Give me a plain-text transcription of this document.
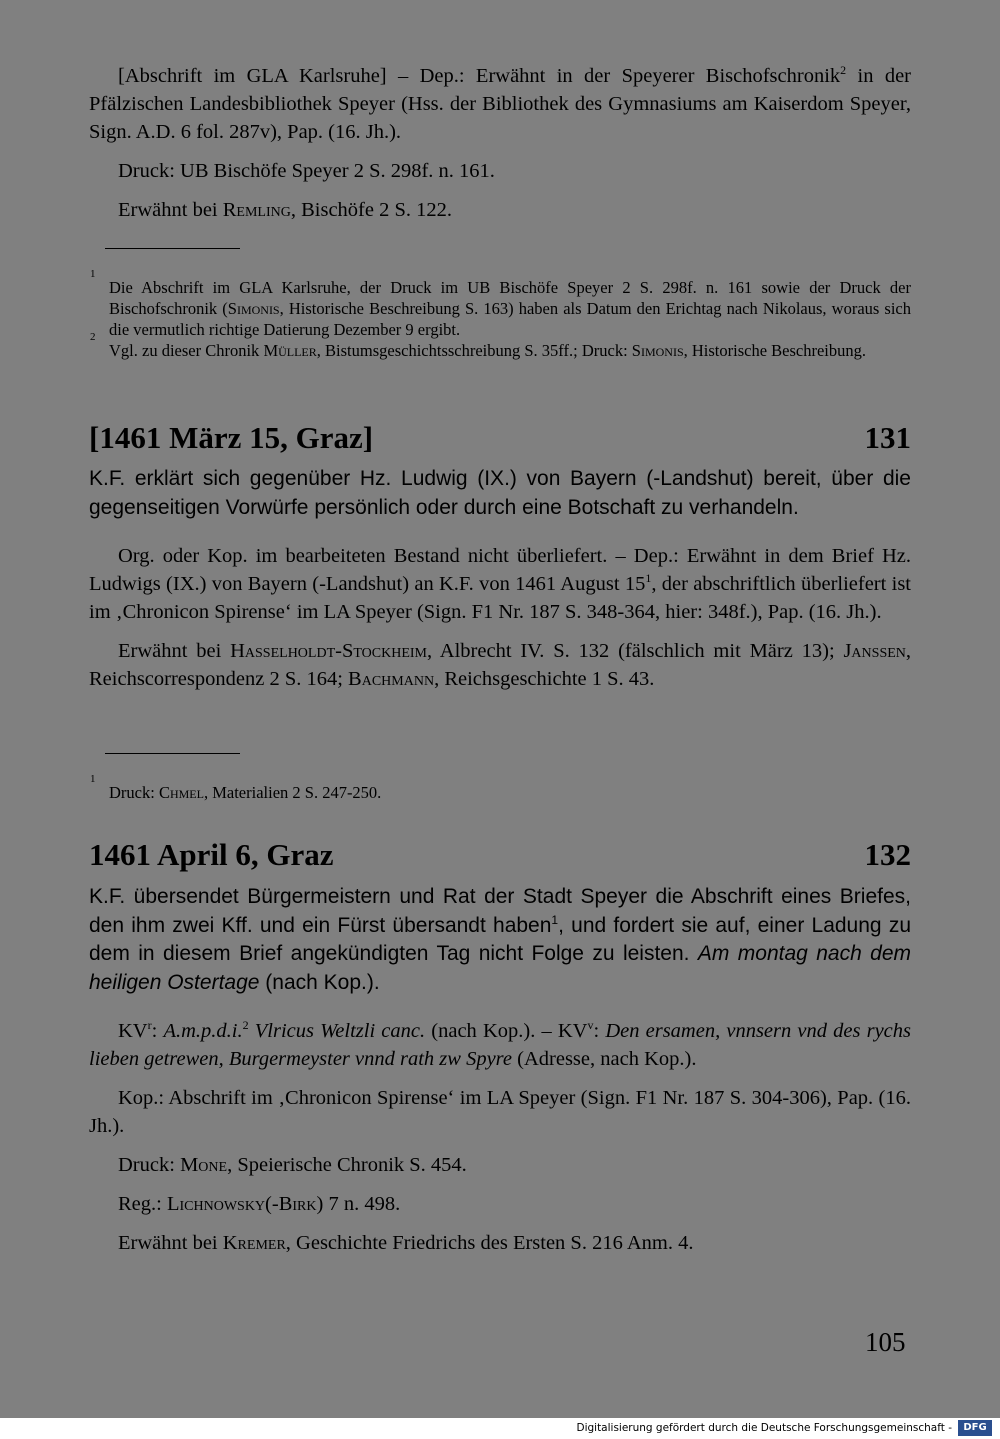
[Abschrift im GLA Karlsruhe] – Dep.: Erwähnt in der Speyerer Bischofschronik$^2$ in der Pfälzischen Landesbibliothek Speyer (Hss. der Bibliothek des Gymnasiums am Kaiserdom Speyer, Sign. A.D. 6 fol. 287v), Pap. (16. Jh.).

Druck: UB Bischöfe Speyer 2 S. 298f. n. 161.

Erwähnt bei Remling, Bischöfe 2 S. 122.

1
Die Abschrift im GLA Karlsruhe, der Druck im UB Bischöfe Speyer 2 S. 298f. n. 161 sowie der Druck der Bischofschronik (Simonis, Historische Beschreibung S. 163) haben als Datum den Erichtag nach Nikolaus, woraus sich die vermutlich richtige Datierung Dezember 9 ergibt.

2
Vgl. zu dieser Chronik Müller, Bistumsgeschichtsschreibung S. 35ff.; Druck: Simonis, Historische Beschreibung.

[1461 März 15, Graz]	131

K.F. erklärt sich gegenüber Hz. Ludwig (IX.) von Bayern (-Landshut) bereit, über die gegenseitigen Vorwürfe persönlich oder durch eine Botschaft zu verhandeln.

Org. oder Kop. im bearbeiteten Bestand nicht überliefert. – Dep.: Erwähnt in dem Brief Hz. Ludwigs (IX.) von Bayern (-Landshut) an K.F. von 1461 August $15^1$, der abschriftlich überliefert ist im ‚Chronicon Spirense‘ im LA Speyer (Sign. F1 Nr. 187 S. 348-364, hier: 348f.), Pap. (16. Jh.).

Erwähnt bei Hasselholdt-Stockheim, Albrecht IV. S. 132 (fälschlich mit März 13); Janssen, Reichscorrespondenz 2 S. 164; Bachmann, Reichsgeschichte 1 S. 43.

1
Druck: Chmel, Materialien 2 S. 247-250.

1461 April 6, Graz	132

K.F. übersendet Bürgermeistern und Rat der Stadt Speyer die Abschrift eines Briefes, den ihm zwei Kff. und ein Fürst übersandt haben$^1$, und fordert sie auf, einer Ladung zu dem in diesem Brief angekündigten Tag nicht Folge zu leisten. Am montag nach dem heiligen Ostertage (nach Kop.).

$KV^r$: A.m.p.d.i.$^2$ Vlricus Weltzli canc. (nach Kop.). – $KV^v$: Den ersamen, vnnsern vnd des rychs lieben getrewen, Burgermeyster vnnd rath zw Spyre (Adresse, nach Kop.).

Kop.: Abschrift im ‚Chronicon Spirense‘ im LA Speyer (Sign. F1 Nr. 187 S. 304-306), Pap. (16. Jh.).

Druck: Mone, Speierische Chronik S. 454.

Reg.: Lichnowsky(-Birk) 7 n. 498.

Erwähnt bei Kremer, Geschichte Friedrichs des Ersten S. 216 Anm. 4.

105
Digitalisierung gefördert durch die Deutsche Forschungsgemeinschaft -	DFG
